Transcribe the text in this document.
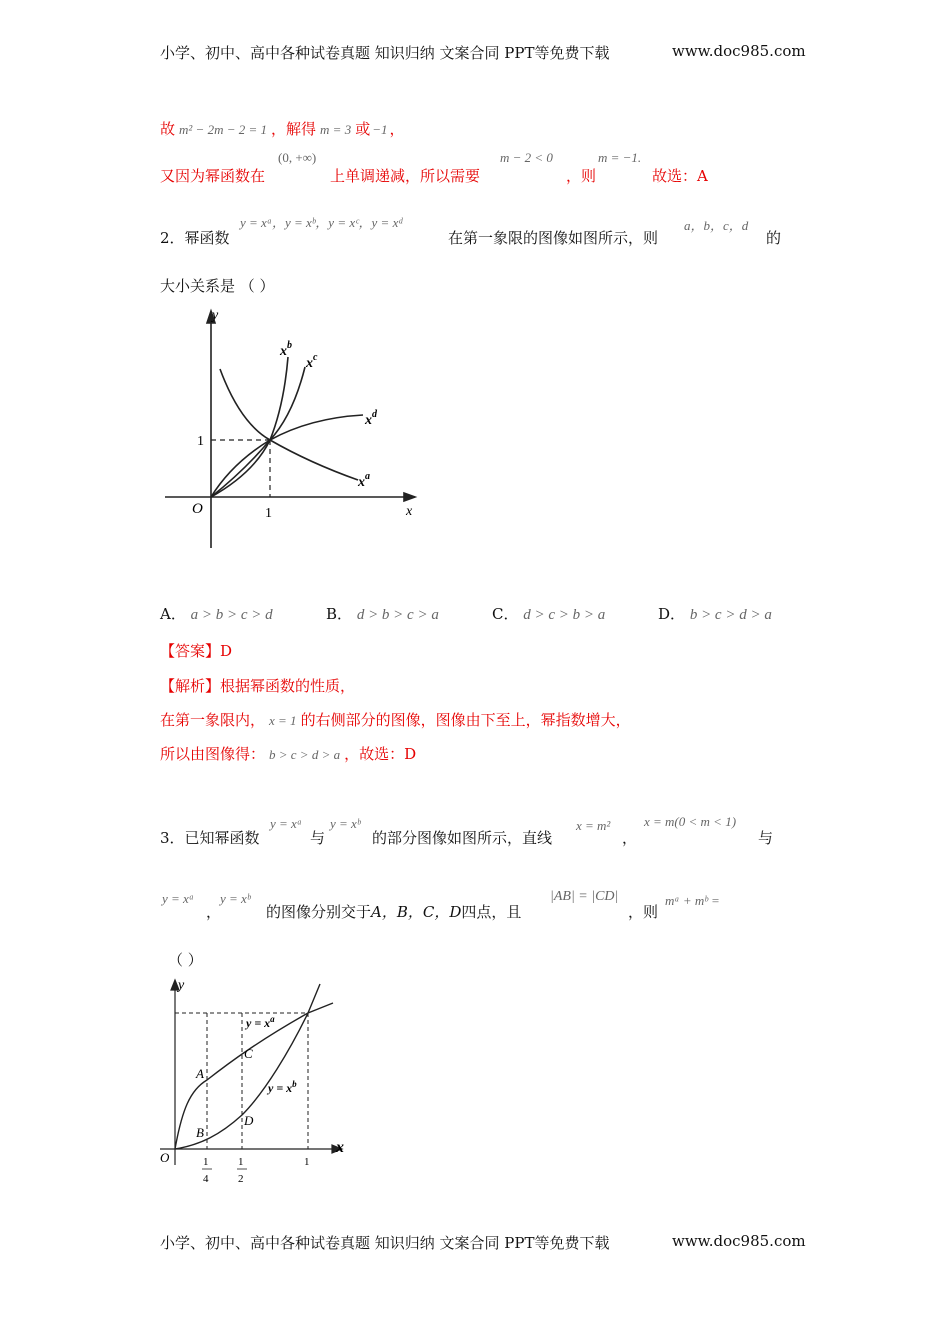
小学、初中、高中各种试卷真题 知识归纳 文案合同 PPT等免费下载	www.doc985.com
故 m² − 2m − 2 = 1 ，解得 m = 3 或 −1 ，
又因为幂函数在
(0, +∞)
上单调递减，所以需要
m − 2 < 0
，则
m = −1.
故选：A
2．幂函数
y = xᵃ，y = xᵇ，y = xᶜ，y = xᵈ
在第一象限的图像如图所示，则
a，b，c，d
的
大小关系是 （ ）
y
x
O	1
1
$x^b$
$x^c$
$x^d$
$x^a$
A． a > b > c > d	B． d > b > c > a	C． d > c > b > a	D． b > c > d > a
【答案】D
【解析】根据幂函数的性质，
在第一象限内， x = 1 的右侧部分的图像，图像由下至上，幂指数增大，
所以由图像得： b > c > d > a ，故选：D
3．已知幂函数
y = xᵃ
与
y = xᵇ
的部分图像如图所示，直线
x = m²
，
x = m(0 < m < 1)
与
y = xᵃ
，
y = xᵇ
的图像分别交于A，B，C，D四点，且
|AB| = |CD|
，则
mᵃ + mᵇ =
（ ）
y
x
O
A
B
C
D
$y = x^a$
$y = x^b$
1
4
1
2
1
小学、初中、高中各种试卷真题 知识归纳 文案合同 PPT等免费下载	www.doc985.com
